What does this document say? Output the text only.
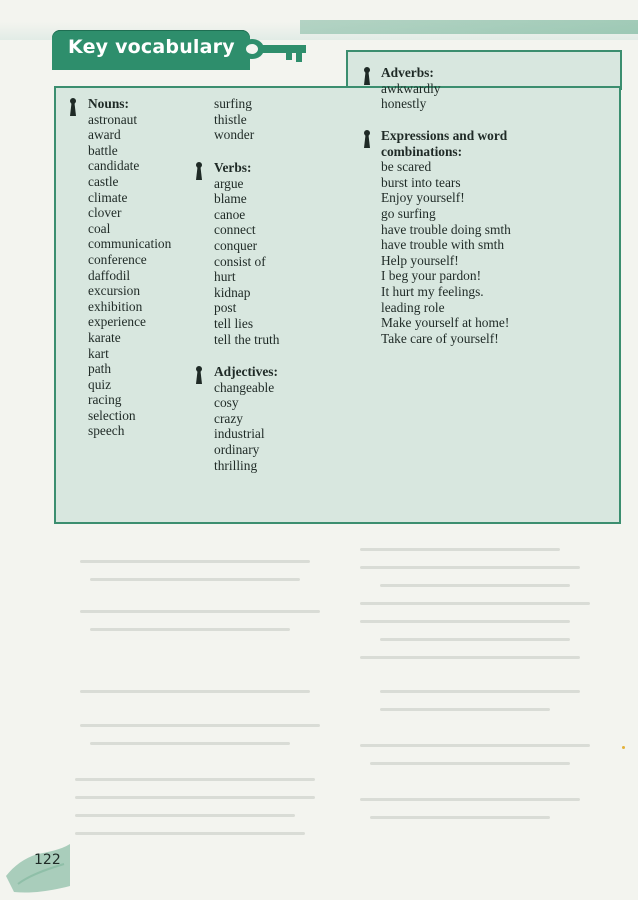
Key vocabulary
Nouns:
astronaut
award
battle
candidate
castle
climate
clover
coal
communication
conference
daffodil
excursion
exhibition
experience
karate
kart
path
quiz
racing
selection
speech
surfing
thistle
wonder
Verbs:
argue
blame
canoe
connect
conquer
consist of
hurt
kidnap
post
tell lies
tell the truth
Adjectives:
changeable
cosy
crazy
industrial
ordinary
thrilling
Adverbs:
awkwardly
honestly
Expressions and word
combinations:
be scared
burst into tears
Enjoy yourself!
go surfing
have trouble doing smth
have trouble with smth
Help yourself!
I beg your pardon!
It hurt my feelings.
leading role
Make yourself at home!
Take care of yourself!
122
